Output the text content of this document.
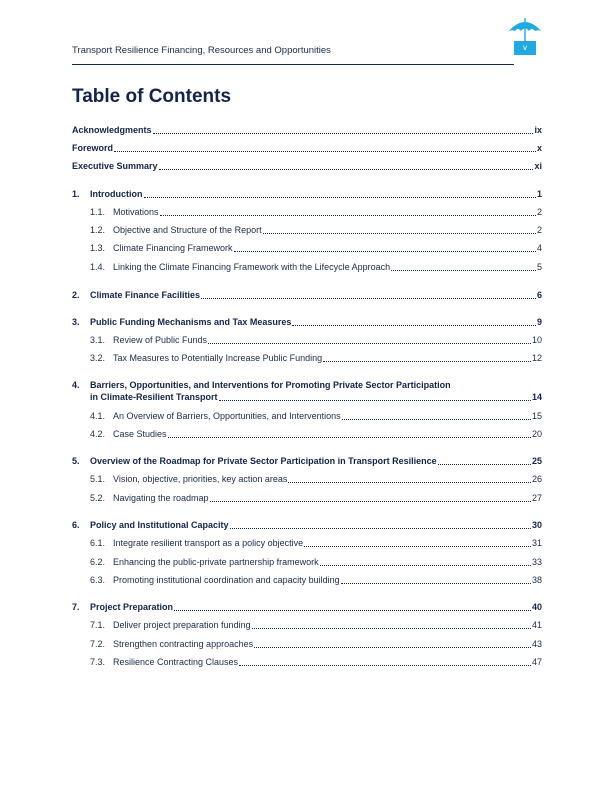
Transport Resilience Financing, Resources and Opportunities	v
Table of Contents
Acknowledgments	ix
Foreword	x
Executive Summary	xi
1.	Introduction	1
1.1. Motivations	2
1.2. Objective and Structure of the Report	2
1.3. Climate Financing Framework	4
1.4. Linking the Climate Financing Framework with the Lifecycle Approach	5
2.	Climate Finance Facilities	6
3.	Public Funding Mechanisms and Tax Measures	9
3.1. Review of Public Funds	10
3.2. Tax Measures to Potentially Increase Public Funding	12
4.	Barriers, Opportunities, and Interventions for Promoting Private Sector Participation
in Climate-Resilient Transport	14
4.1. An Overview of Barriers, Opportunities, and Interventions	15
4.2. Case Studies	20
5.	Overview of the Roadmap for Private Sector Participation in Transport Resilience	25
5.1. Vision, objective, priorities, key action areas	26
5.2. Navigating the roadmap	27
6.	Policy and Institutional Capacity	30
6.1. Integrate resilient transport as a policy objective	31
6.2. Enhancing the public-private partnership framework	33
6.3. Promoting institutional coordination and capacity building	38
7.	Project Preparation	40
7.1. Deliver project preparation funding	41
7.2. Strengthen contracting approaches	43
7.3. Resilience Contracting Clauses	47
